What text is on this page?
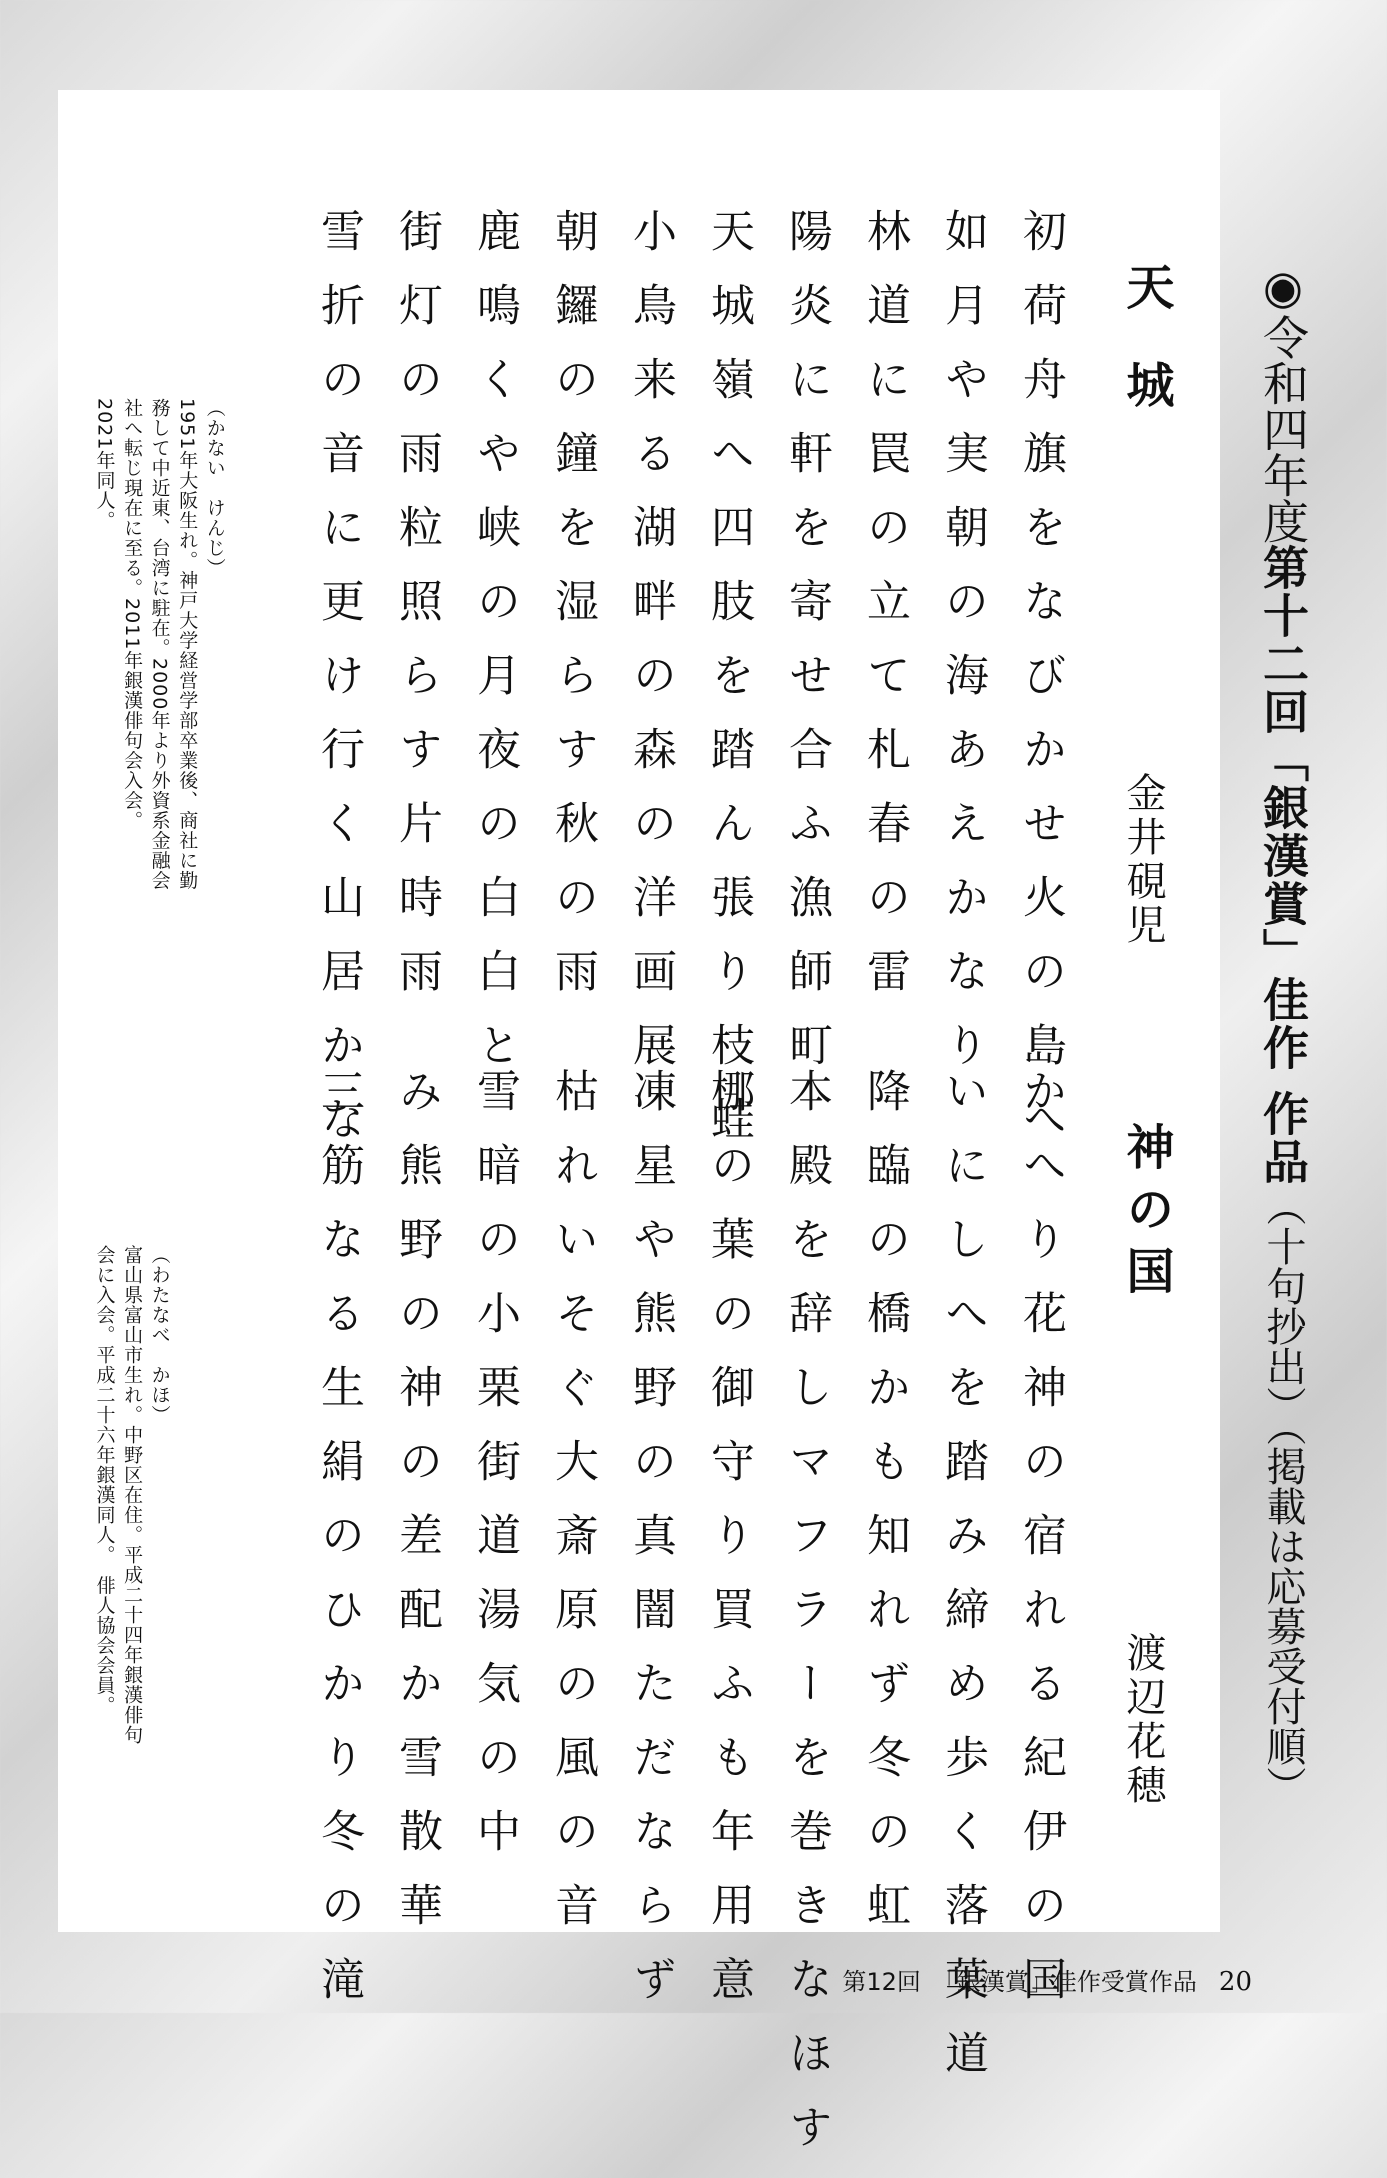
◉令和四年度第十二回「銀漢賞」佳作 作品（十句抄出）（掲載は応募受付順）
天城
金井硯児
初荷舟旗をなびかせ火の島へ
如月や実朝の海あえかなり
林道に罠の立て札春の雷
陽炎に軒を寄せ合ふ漁師町
天城嶺へ四肢を踏ん張り枝蛙
小鳥来る湖畔の森の洋画展
朝鑼の鐘を湿らす秋の雨
鹿鳴くや峡の月夜の白白と
街灯の雨粒照らす片時雨
雪折の音に更け行く山居かな
（かない　けんじ）
1951年大阪生れ。神戸大学経営学部卒業後、商社に勤
務して中近東、台湾に駐在。2000年より外資系金融会
社へ転じ現在に至る。2011年銀漢俳句会入会。
2021年同人。
神の国
渡辺花穂
かへり花神の宿れる紀伊の国
いにしへを踏み締め歩く落葉道
降臨の橋かも知れず冬の虹
本殿を辞しマフラーを巻きなほす
梛の葉の御守り買ふも年用意
凍星や熊野の真闇ただならず
枯れいそぐ大斎原の風の音
雪暗の小栗街道湯気の中
み熊野の神の差配か雪散華
三筋なる生絹のひかり冬の滝
（わたなべ　かほ）
富山県富山市生れ。中野区在住。平成二十四年銀漢俳句
会に入会。平成二十六年銀漢同人。　俳人協会会員。
第12回　「銀漢賞」佳作受賞作品 20
